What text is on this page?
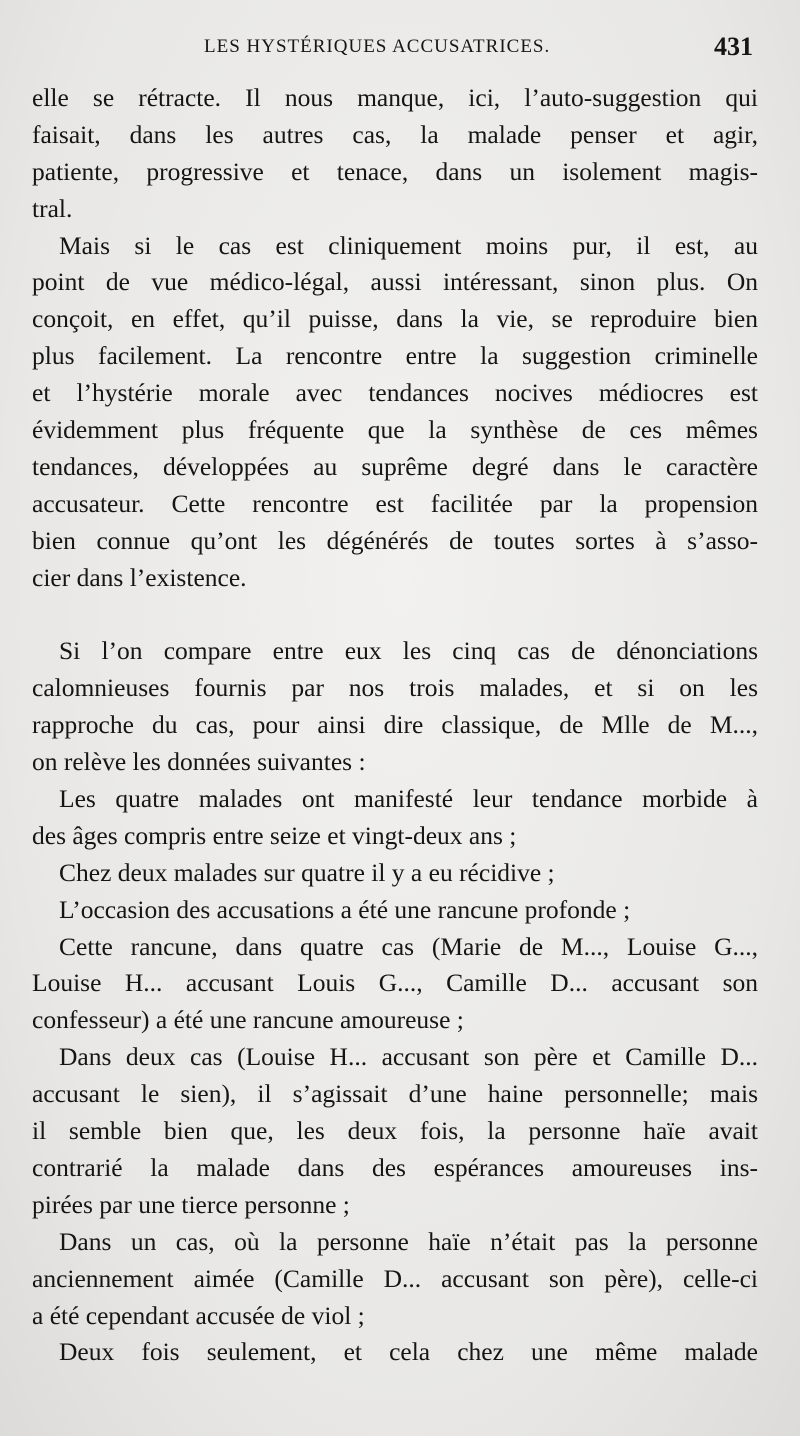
LES HYSTÉRIQUES ACCUSATRICES.	431
elle se rétracte. Il nous manque, ici, l’auto-suggestion qui
faisait, dans les autres cas, la malade penser et agir,
patiente, progressive et tenace, dans un isolement magis-
tral.
Mais si le cas est cliniquement moins pur, il est, au
point de vue médico-légal, aussi intéressant, sinon plus. On
conçoit, en effet, qu’il puisse, dans la vie, se reproduire bien
plus facilement. La rencontre entre la suggestion criminelle
et l’hystérie morale avec tendances nocives médiocres est
évidemment plus fréquente que la synthèse de ces mêmes
tendances, développées au suprême degré dans le caractère
accusateur. Cette rencontre est facilitée par la propension
bien connue qu’ont les dégénérés de toutes sortes à s’asso-
cier dans l’existence.
Si l’on compare entre eux les cinq cas de dénonciations
calomnieuses fournis par nos trois malades, et si on les
rapproche du cas, pour ainsi dire classique, de Mlle de M...,
on relève les données suivantes :
Les quatre malades ont manifesté leur tendance morbide à
des âges compris entre seize et vingt-deux ans ;
Chez deux malades sur quatre il y a eu récidive ;
L’occasion des accusations a été une rancune profonde ;
Cette rancune, dans quatre cas (Marie de M..., Louise G...,
Louise H... accusant Louis G..., Camille D... accusant son
confesseur) a été une rancune amoureuse ;
Dans deux cas (Louise H... accusant son père et Camille D...
accusant le sien), il s’agissait d’une haine personnelle; mais
il semble bien que, les deux fois, la personne haïe avait
contrarié la malade dans des espérances amoureuses ins-
pirées par une tierce personne ;
Dans un cas, où la personne haïe n’était pas la personne
anciennement aimée (Camille D... accusant son père), celle-ci
a été cependant accusée de viol ;
Deux fois seulement, et cela chez une même malade
